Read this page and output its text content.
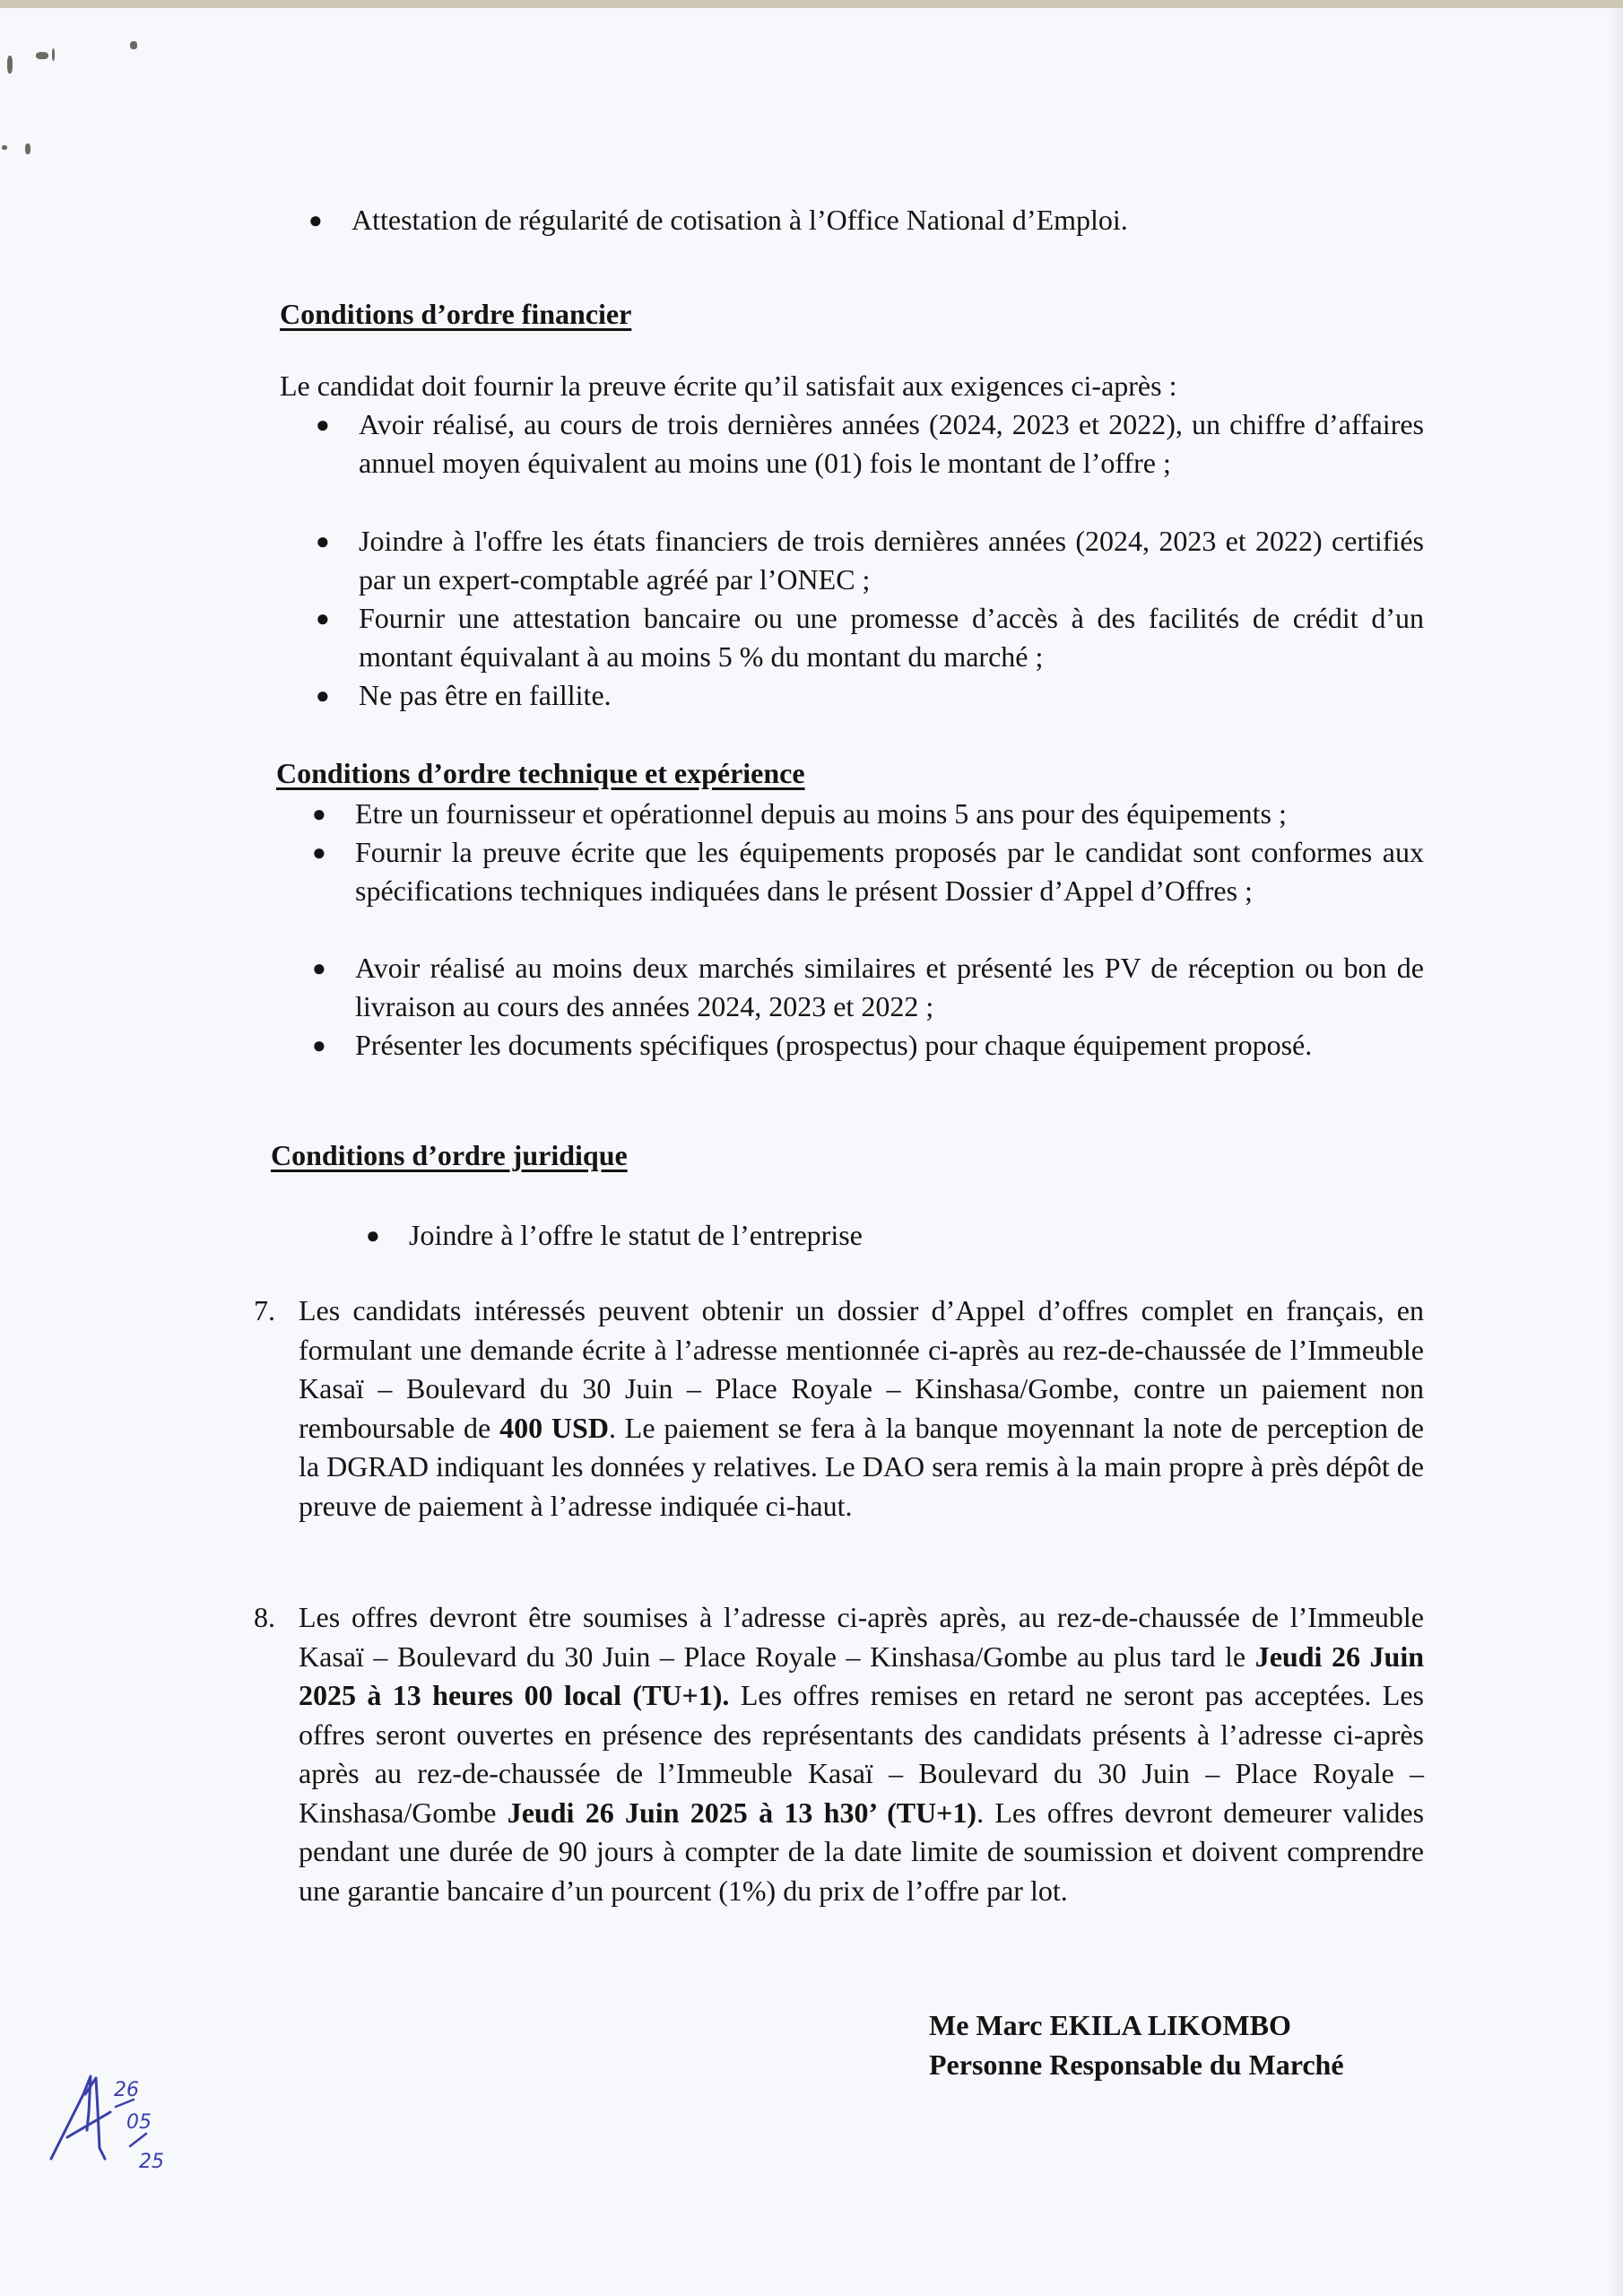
●	Attestation de régularité de cotisation à l’Office National d’Emploi.
Conditions d’ordre financier
Le candidat doit fournir la preuve écrite qu’il satisfait aux exigences ci-après :
●	Avoir réalisé, au cours de trois dernières années (2024, 2023 et 2022), un chiffre d’affaires annuel moyen équivalent au moins une (01) fois le montant de l’offre ;
●	Joindre à l'offre les états financiers de trois dernières années (2024, 2023 et 2022) certifiés par un expert-comptable agréé par l’ONEC ;
●	Fournir une attestation bancaire ou une promesse d’accès à des facilités de crédit d’un montant équivalant à au moins 5 % du montant du marché ;
●	Ne pas être en faillite.
Conditions d’ordre technique et expérience
●	Etre un fournisseur et opérationnel depuis au moins 5 ans pour des équipements ;
●	Fournir la preuve écrite que les équipements proposés par le candidat sont conformes aux spécifications techniques indiquées dans le présent Dossier d’Appel d’Offres ;
●	Avoir réalisé au moins deux marchés similaires et présenté les PV de réception ou bon de livraison au cours des années 2024, 2023 et 2022 ;
●	Présenter les documents spécifiques (prospectus) pour chaque équipement proposé.
Conditions d’ordre juridique
●	Joindre à l’offre le statut de l’entreprise
7. Les candidats intéressés peuvent obtenir un dossier d’Appel d’offres complet en français, en formulant une demande écrite à l’adresse mentionnée ci-après au rez-de-chaussée de l’Immeuble Kasaï – Boulevard du 30 Juin – Place Royale – Kinshasa/Gombe, contre un paiement non remboursable de 400 USD. Le paiement se fera à la banque moyennant la note de perception de la DGRAD indiquant les données y relatives. Le DAO sera remis à la main propre à près dépôt de preuve de paiement à l’adresse indiquée ci-haut.
8. Les offres devront être soumises à l’adresse ci-après après, au rez-de-chaussée de l’Immeuble Kasaï – Boulevard du 30 Juin – Place Royale – Kinshasa/Gombe au plus tard le Jeudi 26 Juin 2025 à 13 heures 00 local (TU+1). Les offres remises en retard ne seront pas acceptées. Les offres seront ouvertes en présence des représentants des candidats présents à l’adresse ci-après après au rez-de-chaussée de l’Immeuble Kasaï – Boulevard du 30 Juin – Place Royale – Kinshasa/Gombe Jeudi 26 Juin 2025 à 13 h30’ (TU+1). Les offres devront demeurer valides pendant une durée de 90 jours à compter de la date limite de soumission et doivent comprendre une garantie bancaire d’un pourcent (1%) du prix de l’offre par lot.
Me Marc EKILA LIKOMBO
Personne Responsable du Marché
26
05
25
